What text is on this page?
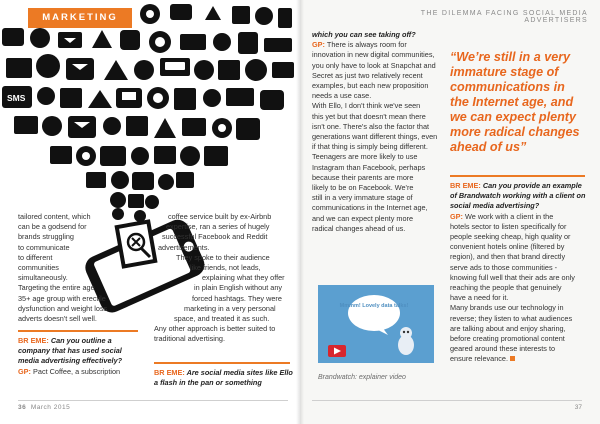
SMS
MARKETING	THE DILEMMA FACING SOCIAL MEDIA ADVERTISERS

tailored content, which

can be a godsend for

brands struggling

to communicate

to different

communities

simultaneously.

Targeting the entire age

35+ age group with erectile

dysfunction and weight loss

adverts doesn't sell well.

BR EME: Can you outline a company that has used social media advertising effectively?

GP: Pact Coffee, a subscription

coffee service built by ex-Airbnb

expertise, ran a series of hugely

successful Facebook and Reddit

advertisements.

They spoke to their audience

like friends, not leads,

explaining what they offer

in plain English without any

forced hashtags. They were

marketing in a very personal

space, and treated it as such.

Any other approach is better suited to

traditional advertising.

BR EME: Are social media sites like Ello a flash in the pan or something

which you can see taking off?

GP: There is always room for

innovation in new digital communities,

you only have to look at Snapchat and

Secret as just two relatively recent

examples, but each new proposition

needs a use case.

With Ello, I don't think we've seen

this yet but that doesn't mean there

isn't one. There's also the factor that

generations want different things, even

if that thing is simply being different.

Teenagers are more likely to use

Instagram than Facebook, perhaps

because their parents are more

likely to be on Facebook. We're

still in a very immature stage of

communications in the Internet age,

and we can expect plenty more

radical changes ahead of us.

Mmmm! Lovely data talks!
Brandwatch: explainer video
“We’re still in a very immature stage of communications in the Internet age, and we can expect plenty more radical changes ahead of us”

BR EME: Can you provide an example of Brandwatch working with a client on social media advertising?

GP: We work with a client in the

hotels sector to listen specifically for

people seeking cheap, high quality or

convenient hotels online (filtered by

region), and then that brand directly

serve ads to those communities -

knowing full well that their ads are only

reaching the people that genuinely

have a need for it.

Many brands use our technology in

reverse; they listen to what audiences

are talking about and enjoy sharing,

before creating promotional content

geared around these interests to

ensure relevance.

36 March 2015	37
